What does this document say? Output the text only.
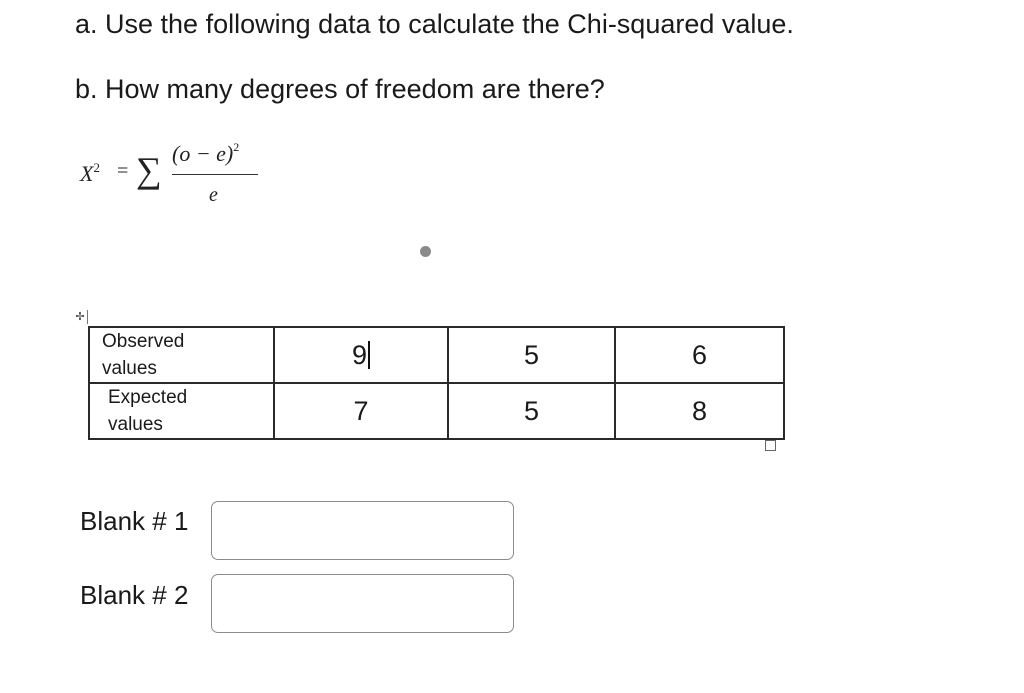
a. Use the following data to calculate the Chi-squared value.
b. How many degrees of freedom are there?
$X^2$ = ∑ $(o - e)^2$
e
✢
Observed
values	9	5	6

Expected
values	7	5	8
Blank # 1
Blank # 2
